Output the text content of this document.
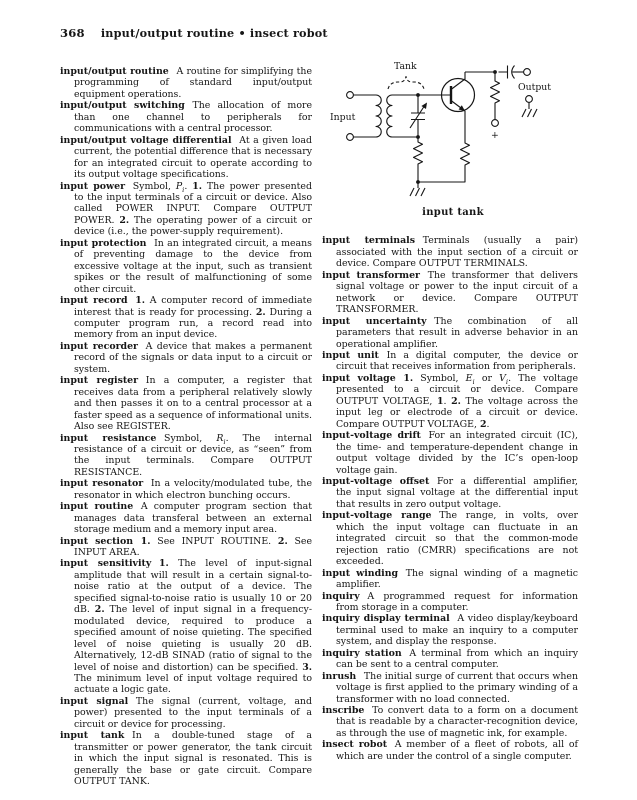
368 input/output routine • insect robot

input/output routine  A routine for simplifying the programming of standard input/output equipment operations.

input/output switching  The allocation of more than one channel to peripherals for communications with a central processor.

input/output voltage differential  At a given load current, the potential difference that is necessary for an integrated circuit to operate according to its output voltage specifications.

input power  Symbol, $P_i$. 1. The power presented to the input terminals of a circuit or device. Also called POWER INPUT. Compare OUTPUT POWER. 2. The operating power of a circuit or device (i.e., the power-supply requirement).

input protection  In an integrated circuit, a means of preventing damage to the device from excessive voltage at the input, such as transient spikes or the result of malfunctioning of some other circuit.

input record  1. A computer record of immediate interest that is ready for processing. 2. During a computer program run, a record read into memory from an input device.

input recorder  A device that makes a permanent record of the signals or data input to a circuit or system.

input register  In a computer, a register that receives data from a peripheral relatively slowly and then passes it on to a central processor at a faster speed as a sequence of informational units. Also see REGISTER.

input resistance  Symbol, $R_i$. The internal resistance of a circuit or device, as “seen” from the input terminals. Compare OUTPUT RESISTANCE.

input resonator  In a velocity/modulated tube, the resonator in which electron bunching occurs.

input routine  A computer program section that manages data transferal between an external storage medium and a memory input area.

input section  1. See INPUT ROUTINE. 2. See INPUT AREA.

input sensitivity  1. The level of input-signal amplitude that will result in a certain signal-to-noise ratio at the output of a device. The specified signal-to-noise ratio is usually 10 or 20 dB. 2. The level of input signal in a frequency-modulated device, required to produce a specified amount of noise quieting. The specified level of noise quieting is usually 20 dB. Alternatively, 12-dB SINAD (ratio of signal to the level of noise and distortion) can be specified. 3. The minimum level of input voltage required to actuate a logic gate.

input signal  The signal (current, voltage, and power) presented to the input terminals of a circuit or device for processing.

input tank  In a double-tuned stage of a transmitter or power generator, the tank circuit in which the input signal is resonated. This is generally the base or gate circuit. Compare OUTPUT TANK.

Tank
Input
Output
+

input tank

input terminals  Terminals (usually a pair) associated with the input section of a circuit or device. Compare OUTPUT TERMINALS.

input transformer  The transformer that delivers signal voltage or power to the input circuit of a network or device. Compare OUTPUT TRANSFORMER.

input uncertainty  The combination of all parameters that result in adverse behavior in an operational amplifier.

input unit  In a digital computer, the device or circuit that receives information from peripherals.

input voltage  1. Symbol, $E_i$ or $V_i$. The voltage presented to a circuit or device. Compare OUTPUT VOLTAGE, 1. 2. The voltage across the input leg or electrode of a circuit or device. Compare OUTPUT VOLTAGE, 2.

input-voltage drift  For an integrated circuit (IC), the time- and temperature-dependent change in output voltage divided by the IC’s open-loop voltage gain.

input-voltage offset  For a differential amplifier, the input signal voltage at the differential input that results in zero output voltage.

input-voltage range  The range, in volts, over which the input voltage can fluctuate in an integrated circuit so that the common-mode rejection ratio (CMRR) specifications are not exceeded.

input winding  The signal winding of a magnetic amplifier.

inquiry  A programmed request for information from storage in a computer.

inquiry display terminal  A video display/keyboard terminal used to make an inquiry to a computer system, and display the response.

inquiry station  A terminal from which an inquiry can be sent to a central computer.

inrush  The initial surge of current that occurs when voltage is first applied to the primary winding of a transformer with no load connected.

inscribe  To convert data to a form on a document that is readable by a character-recognition device, as through the use of magnetic ink, for example.

insect robot  A member of a fleet of robots, all of which are under the control of a single computer.
